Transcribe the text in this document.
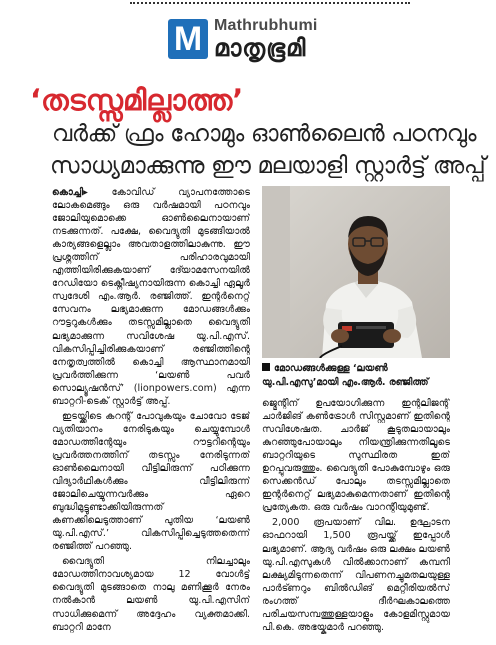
M Mathrubhumi
മാതൃഭൂമി
‘തടസ്സമില്ലാത്ത’
വർക്ക് ഫ്രം ഹോമും ഓൺലൈൻ പഠനവും
സാധ്യമാക്കുന്നു ഈ മലയാളി സ്റ്റാർട്ട് അപ്പ്

കൊച്ചി▸ കോവിഡ് വ്യാപനത്തോടെ ലോകമെങ്ങും ഒരു വർഷമായി പഠനവും ജോലിയുമൊക്കെ ഓൺലൈനായാണ് നടക്കുന്നത്. പക്ഷേ, വൈദ്യുതി മുടങ്ങിയാൽ കാര്യങ്ങളെല്ലാം അവതാളത്തിലാകുന്നു. ഈ പ്രശ്നത്തിന് പരിഹാരവുമായി എത്തിയിരിക്കുകയാണ് ദേ്യാമസേനയിൽ റേഡിയോ ടെക്നീഷ്യനായിരുന്ന കൊച്ചി ഏലൂർ സ്വദേശി എം.ആർ. രഞ്ജിത്ത്. ഇന്റർനെറ്റ് സേവനം ലഭ്യമാക്കുന്ന മോഡങ്ങൾക്കും റൗട്ടറുകൾക്കും തടസ്സമില്ലാതെ വൈദ്യുതി ലഭ്യമാക്കുന്ന സവിശേഷ യു.പി.എസ്. വികസിപ്പിച്ചിരിക്കുകയാണ് രഞ്ജിത്തിന്റെ നേതൃത്വത്തിൽ കൊച്ചി ആസ്ഥാനമായി പ്രവർത്തിക്കുന്ന ‘ലയൺ പവർ സൊല്യൂഷൻസ്’ (lionpowers.com) എന്ന ബാറ്ററി-ടെക് സ്റ്റാർട്ട് അപ്പ്.

ഇടയ്ക്കിടെ കറന്റ് പോവുകയും ചോവോ ടേജ് വ്യതിയാനം നേരിടുകയും ചെയ്യുമ്പോൾ മോഡത്തിന്റേയും റൗട്ടറിന്റെയും പ്രവർത്തനത്തിന് തടസ്സം നേരിടുന്നത് ഓൺലൈനായി വീട്ടിലിരുന്ന് പഠിക്കുന്ന വിദ്യാർഥികൾക്കും വീട്ടിലിരുന്ന് ജോലിചെയ്യുന്നവർക്കും ഏറെ ബുദ്ധിമുട്ടുണ്ടാക്കിയിരുന്നത് കണക്കിലെടുത്താണ് പുതിയ ‘ലയൺ യു.പി.എസ്.’ വികസിപ്പിച്ചെടുത്തതെന്ന് രഞ്ജിത്ത് പറഞ്ഞു.

വൈദ്യുതി നിലച്ചാലും മോഡത്തിനാവശ്യമായ 12 വോൾട്ട് വൈദ്യുതി മുടങ്ങാതെ നാലു മണിക്കൂർ നേരം നൽകാൻ ലയൺ യു.പി.എസിന് സാധിക്കുമെന്ന് അദ്ദേഹം വ്യക്തമാക്കി. ബാറ്ററി മാനേ

മോഡങ്ങൾക്കുള്ള ‘ലയൺ യു.പി.എസു’മായി എം.ആർ. രഞ്ജിത്ത്

ജ്മെന്റിന് ഉപയോഗിക്കുന്ന ഇന്റലിജന്റ് ചാർജിങ് കൺട്രോൾ സിസ്റ്റമാണ് ഇതിന്റെ സവിശേഷത. ചാർജ് കൂടുതലായാലും കുറഞ്ഞുപോയാലും നിയന്ത്രിക്കുന്നതിലൂടെ ബാറ്ററിയുടെ സുസ്ഥിരത ഇത് ഉറപ്പുവരുത്തും. വൈദ്യുതി പോകുമ്പോഴും ഒരു സെക്കൻഡ് പോലും തടസ്സമില്ലാതെ ഇന്റർനെറ്റ് ലഭ്യമാകുമെന്നതാണ് ഇതിന്റെ പ്രത്യേകത. ഒരു വർഷം വാറന്റിയുമുണ്ട്.

2,000 രൂപയാണ് വില. ഉദ്ഘാടന ഓഫറായി 1,500 രൂപയ്ക്ക് ഇപ്പോൾ ലഭ്യമാണ്. ആദ്യ വർഷം ഒരു ലക്ഷം ലയൺ യു.പി.എസുകൾ വിൽക്കാനാണ് കമ്പനി ലക്ഷ്യമിടുന്നതെന്ന് വിപണനച്ചുമതലയുള്ള പാർട്ണറും ബിൽഡിങ് മെറ്റീരിയൽസ് രംഗത്ത് ദീർഘകാലത്തെ പരിചയസമ്പത്തുള്ളയാളും കോളമിസ്റ്റുമായ പി.കെ. അഭയ്കുമാർ പറഞ്ഞു.
